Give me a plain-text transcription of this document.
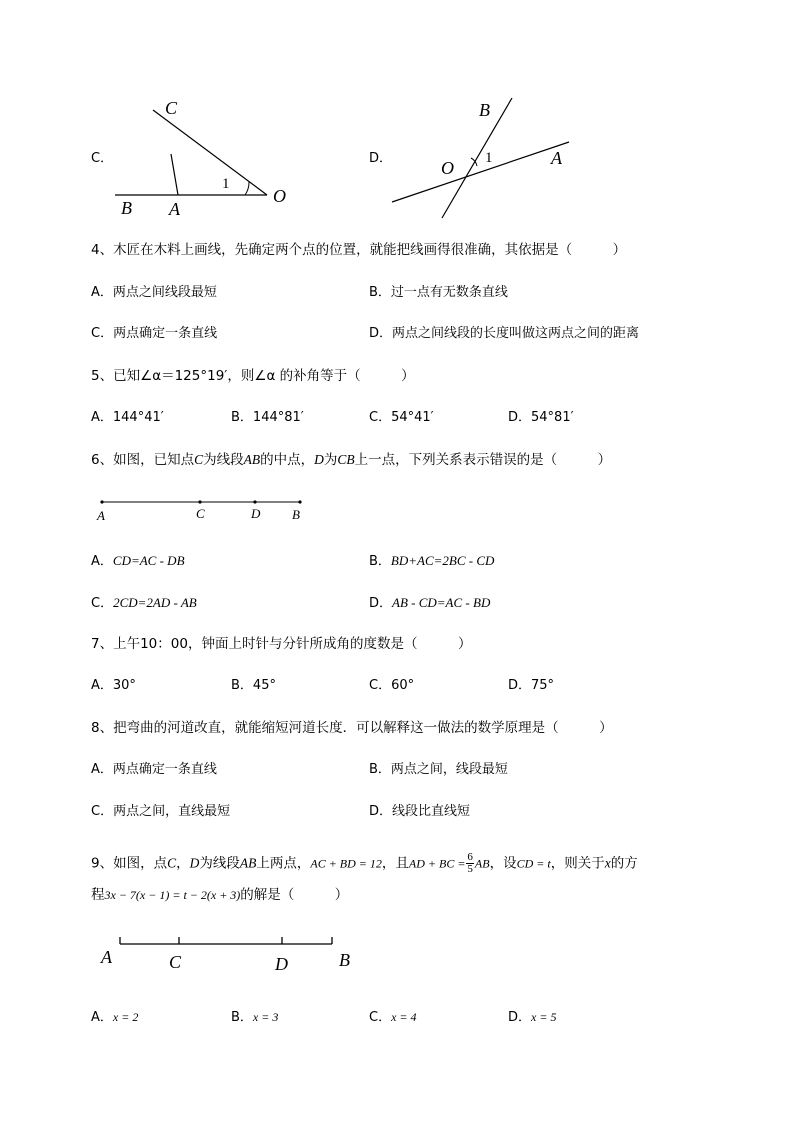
C．
C
B A
O
1
D．
B
O	A
1
4、木匠在木料上画线，先确定两个点的位置，就能把线画得很准确，其依据是（　　　）
A．两点之间线段最短	B．过一点有无数条直线
C．两点确定一条直线	D．两点之间线段的长度叫做这两点之间的距离
5、已知∠α＝125°19′，则∠α 的补角等于（　　　）
A．144°41′	B．144°81′	C．54°41′	D．54°81′
6、如图，已知点C为线段AB的中点，D为CB上一点，下列关系表示错误的是（　　　）
A	C	D B
A．CD=AC - DB	B．BD+AC=2BC - CD
C．2CD=2AD - AB	D．AB - CD=AC - BD
7、上午10：00，钟面上时针与分针所成角的度数是（　　　）
A．30°	B．45°	C．60°	D．75°
8、把弯曲的河道改直，就能缩短河道长度．可以解释这一做法的数学原理是（　　　）
A．两点确定一条直线	B．两点之间，线段最短
C．两点之间，直线最短	D．线段比直线短
9、如图，点C，D为线段AB上两点，AC + BD = 12，且AD + BC = $\frac{6}{5}$ AB，设CD = t，则关于x的方
程3x − 7(x − 1) = t − 2(x + 3)的解是（　　　）
A	C	D	B
A．x = 2	B．x = 3	C．x = 4	D．x = 5
